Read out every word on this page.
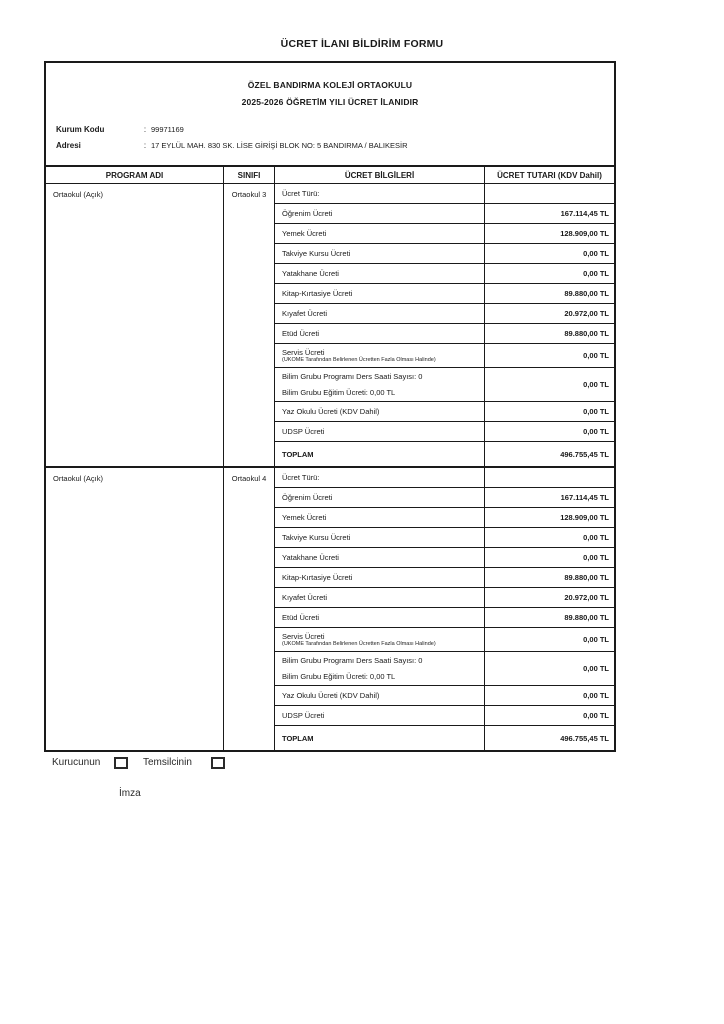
ÜCRET İLANI BİLDİRİM FORMU
ÖZEL BANDIRMA KOLEJİ ORTAOKULU
2025-2026 ÖĞRETİM YILI ÜCRET İLANIDIR
Kurum Kodu	: 99971169
Adresi	: 17 EYLÜL MAH. 830 SK. LİSE GİRİŞİ BLOK NO: 5 BANDIRMA / BALIKESİR
PROGRAM ADI	SINIFI	ÜCRET BİLGİLERİ	ÜCRET TUTARI (KDV Dahil)
Ortaokul (Açık)	Ortaokul 3	Ücret Türü:
Öğrenim Ücreti	167.114,45 TL
Yemek Ücreti	128.909,00 TL
Takviye Kursu Ücreti	0,00 TL
Yatakhane Ücreti	0,00 TL
Kitap-Kırtasiye Ücreti	89.880,00 TL
Kıyafet Ücreti	20.972,00 TL
Etüd Ücreti	89.880,00 TL
Servis Ücreti
(UKOME Tarafından Belirlenen Ücretten Fazla Olması Halinde)	0,00 TL
Bilim Grubu Programı Ders Saati Sayısı: 0
Bilim Grubu Eğitim Ücreti: 0,00 TL
0,00 TL
Yaz Okulu Ücreti (KDV Dahil)	0,00 TL
UDSP Ücreti	0,00 TL
TOPLAM	496.755,45 TL
Ortaokul (Açık)	Ortaokul 4	Ücret Türü:
Öğrenim Ücreti	167.114,45 TL
Yemek Ücreti	128.909,00 TL
Takviye Kursu Ücreti	0,00 TL
Yatakhane Ücreti	0,00 TL
Kitap-Kırtasiye Ücreti	89.880,00 TL
Kıyafet Ücreti	20.972,00 TL
Etüd Ücreti	89.880,00 TL
Servis Ücreti
(UKOME Tarafından Belirlenen Ücretten Fazla Olması Halinde)	0,00 TL
Bilim Grubu Programı Ders Saati Sayısı: 0
Bilim Grubu Eğitim Ücreti: 0,00 TL
0,00 TL
Yaz Okulu Ücreti (KDV Dahil)	0,00 TL
UDSP Ücreti	0,00 TL
TOPLAM	496.755,45 TL
Kurucunun	Temsilcinin
İmza
